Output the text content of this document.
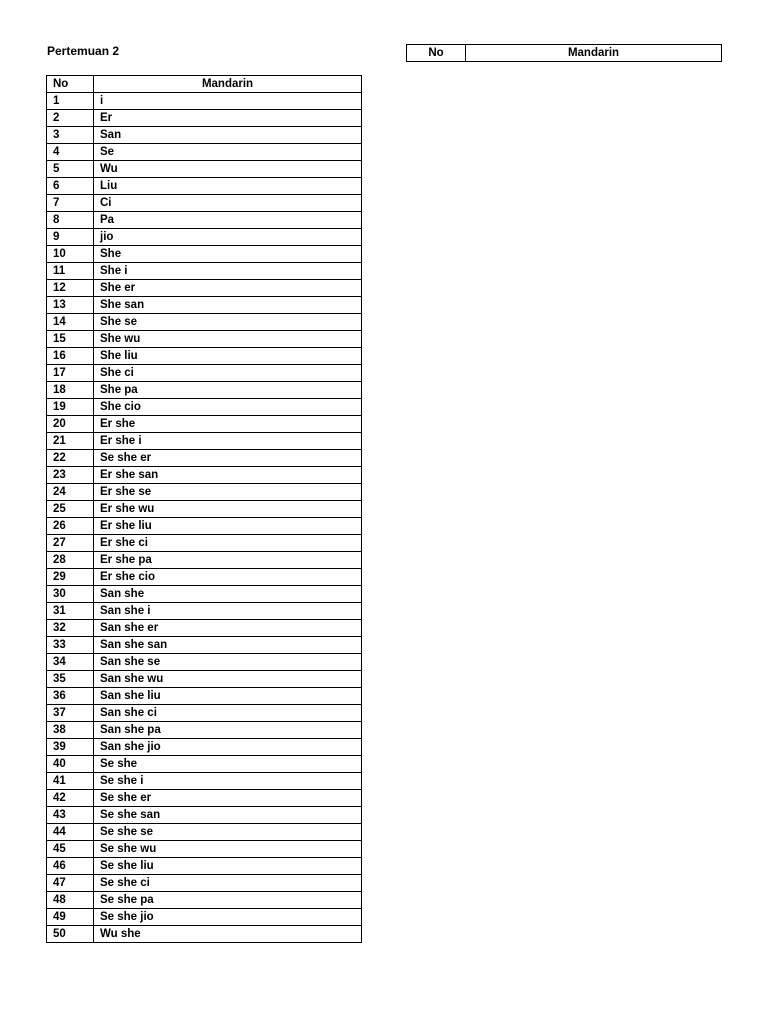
Pertemuan 2	No	Mandarin
No	Mandarin
1	i
2	Er
3	San
4	Se
5	Wu
6	Liu
7	Ci
8	Pa
9	jio
10	She
11	She i
12	She er
13	She san
14	She se
15	She wu
16	She liu
17	She ci
18	She pa
19	She cio
20	Er she
21	Er she i
22	Se she er
23	Er she san
24	Er she se
25	Er she wu
26	Er she liu
27	Er she ci
28	Er she pa
29	Er she cio
30	San she
31	San she i
32	San she er
33	San she san
34	San she se
35	San she wu
36	San she liu
37	San she ci
38	San she pa
39	San she jio
40	Se she
41	Se she i
42	Se she er
43	Se she san
44	Se she se
45	Se she wu
46	Se she liu
47	Se she ci
48	Se she pa
49	Se she jio
50	Wu she
